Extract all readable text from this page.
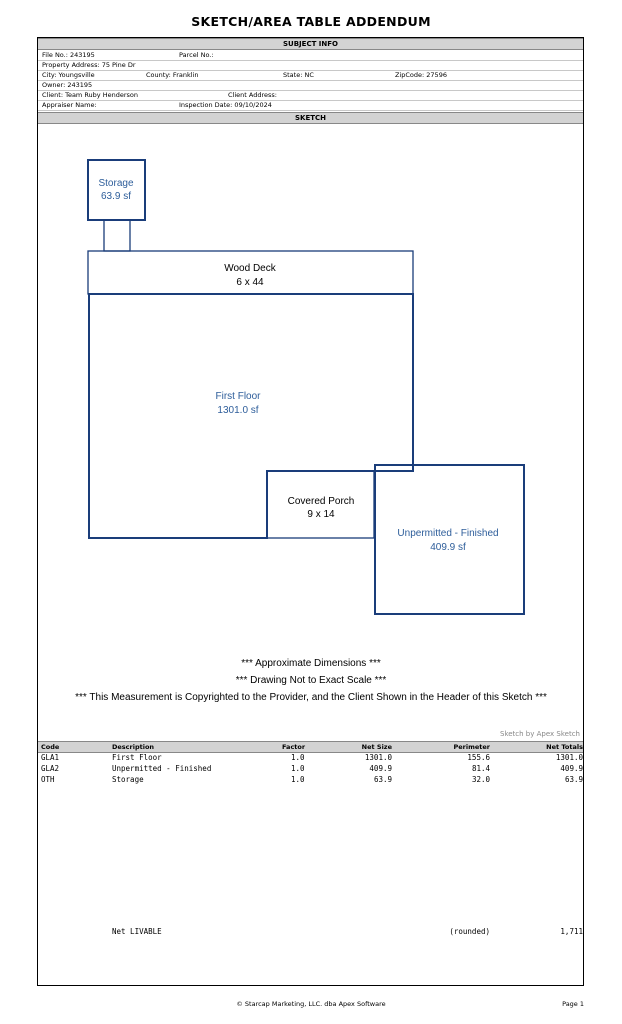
SKETCH/AREA TABLE ADDENDUM
SUBJECT INFO
File No.: 243195	Parcel No.:
Property Address: 75 Pine Dr
City: Youngsville	County: Franklin	State: NC	ZipCode: 27596
Owner: 243195
Client: Team Ruby Henderson	Client Address:
Appraiser Name:	Inspection Date: 09/10/2024
SKETCH
Storage
63.9 sf
Wood Deck
6 x 44
First Floor
1301.0 sf
Covered Porch
9 x 14
Unpermitted - Finished
409.9 sf
*** Approximate Dimensions ***
*** Drawing Not to Exact Scale ***
*** This Measurement is Copyrighted to the Provider, and the Client Shown in the Header of this Sketch ***
Sketch by Apex Sketch
Code	Description	Factor	Net Size	Perimeter	Net Totals
GLA1	First Floor	1.0	1301.0	155.6	1301.0
GLA2	Unpermitted - Finished	1.0	409.9	81.4	409.9
OTH	Storage	1.0	63.9	32.0	63.9
Net LIVABLE	(rounded)	1,711
© Starcap Marketing, LLC. dba Apex Software	Page 1
